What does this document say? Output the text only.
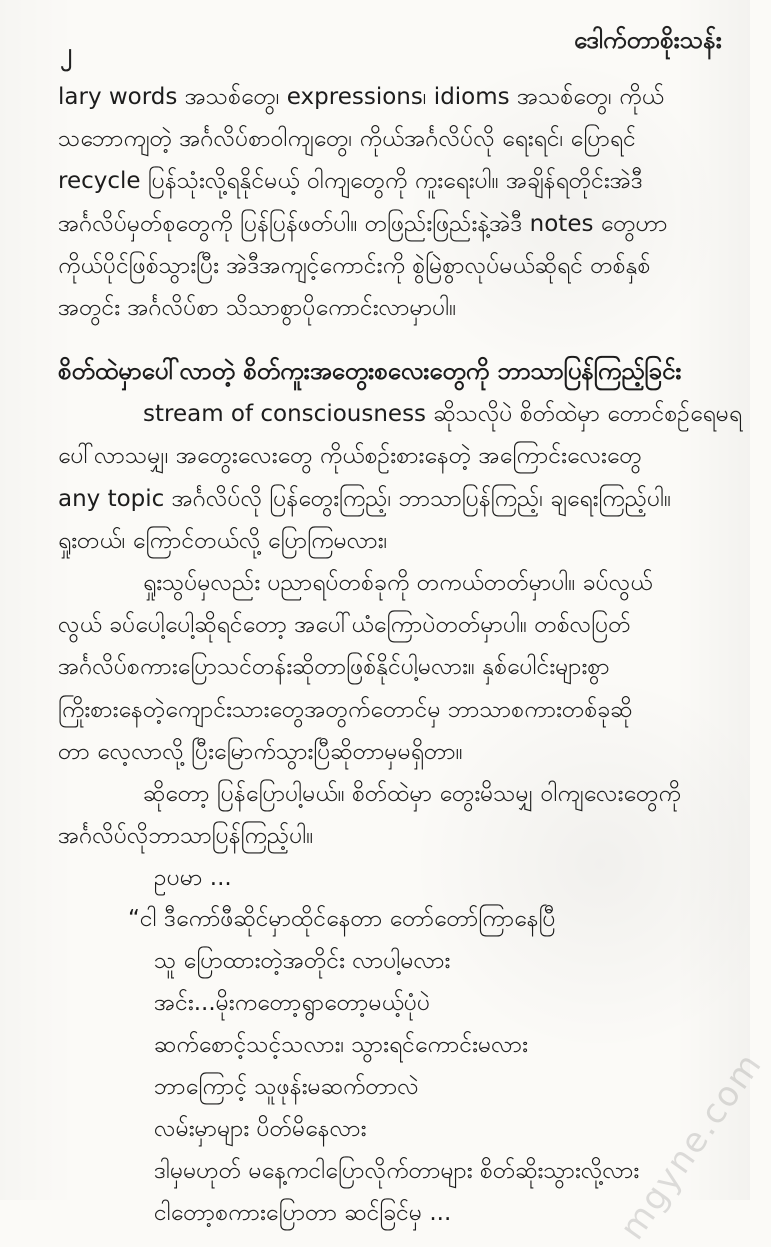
၂	ဒေါက်တာစိုးသန်း
lary words အသစ်တွေ၊ expressions၊ idioms အသစ်တွေ၊ ကိုယ်
သဘောကျတဲ့ အင်္ဂလိပ်စာဝါကျတွေ၊ ကိုယ်အင်္ဂလိပ်လို ရေးရင်၊ ပြောရင်
recycle ပြန်သုံးလို့ရနိုင်မယ့် ဝါကျတွေကို ကူးရေးပါ။ အချိန်ရတိုင်းအဲဒီ
အင်္ဂလိပ်မှတ်စုတွေကို ပြန်ပြန်ဖတ်ပါ။ တဖြည်းဖြည်းနဲ့အဲဒီ notes တွေဟာ
ကိုယ်ပိုင်ဖြစ်သွားပြီး အဲဒီအကျင့်ကောင်းကို စွဲမြဲစွာလုပ်မယ်ဆိုရင် တစ်နှစ်
အတွင်း အင်္ဂလိပ်စာ သိသာစွာပိုကောင်းလာမှာပါ။
စိတ်ထဲမှာပေါ်လာတဲ့ စိတ်ကူးအတွေးစလေးတွေကို ဘာသာပြန်ကြည့်ခြင်း
stream of consciousness ဆိုသလိုပဲ စိတ်ထဲမှာ တောင်စဉ်ရေမရ
ပေါ်လာသမျှ၊ အတွေးလေးတွေ ကိုယ်စဉ်းစားနေတဲ့ အကြောင်းလေးတွေ
any topic အင်္ဂလိပ်လို ပြန်တွေးကြည့်၊ ဘာသာပြန်ကြည့်၊ ချရေးကြည့်ပါ။
ရှုးတယ်၊ ကြောင်တယ်လို့ ပြောကြမလား၊
ရှုးသွပ်မှလည်း ပညာရပ်တစ်ခုကို တကယ်တတ်မှာပါ။ ခပ်လွယ်
လွယ် ခပ်ပေါ့ပေါ့ဆိုရင်တော့ အပေါ်ယံကြောပဲတတ်မှာပါ။ တစ်လပြတ်
အင်္ဂလိပ်စကားပြောသင်တန်းဆိုတာဖြစ်နိုင်ပါ့မလား။ နှစ်ပေါင်းများစွာ
ကြိုးစားနေတဲ့ကျောင်းသားတွေအတွက်တောင်မှ ဘာသာစကားတစ်ခုဆို
တာ လေ့လာလို့ ပြီးမြောက်သွားပြီဆိုတာမှမရှိတာ။
ဆိုတော့ ပြန်ပြောပါ့မယ်။ စိတ်ထဲမှာ တွေးမိသမျှ ဝါကျလေးတွေကို
အင်္ဂလိပ်လိုဘာသာပြန်ကြည့်ပါ။
ဥပမာ ...
“ငါ ဒီကော်ဖီဆိုင်မှာထိုင်နေတာ တော်တော်ကြာနေပြီ
သူ ပြောထားတဲ့အတိုင်း လာပါ့မလား
အင်း...မိုးကတော့ရွာတော့မယ့်ပုံပဲ
ဆက်စောင့်သင့်သလား၊ သွားရင်ကောင်းမလား
ဘာကြောင့် သူဖုန်းမဆက်တာလဲ
လမ်းမှာများ ပိတ်မိနေလား
ဒါမှမဟုတ် မနေ့ကငါပြောလိုက်တာများ စိတ်ဆိုးသွားလို့လား
ငါတော့စကားပြောတာ ဆင်ခြင်မှ ...	mgyne.com
